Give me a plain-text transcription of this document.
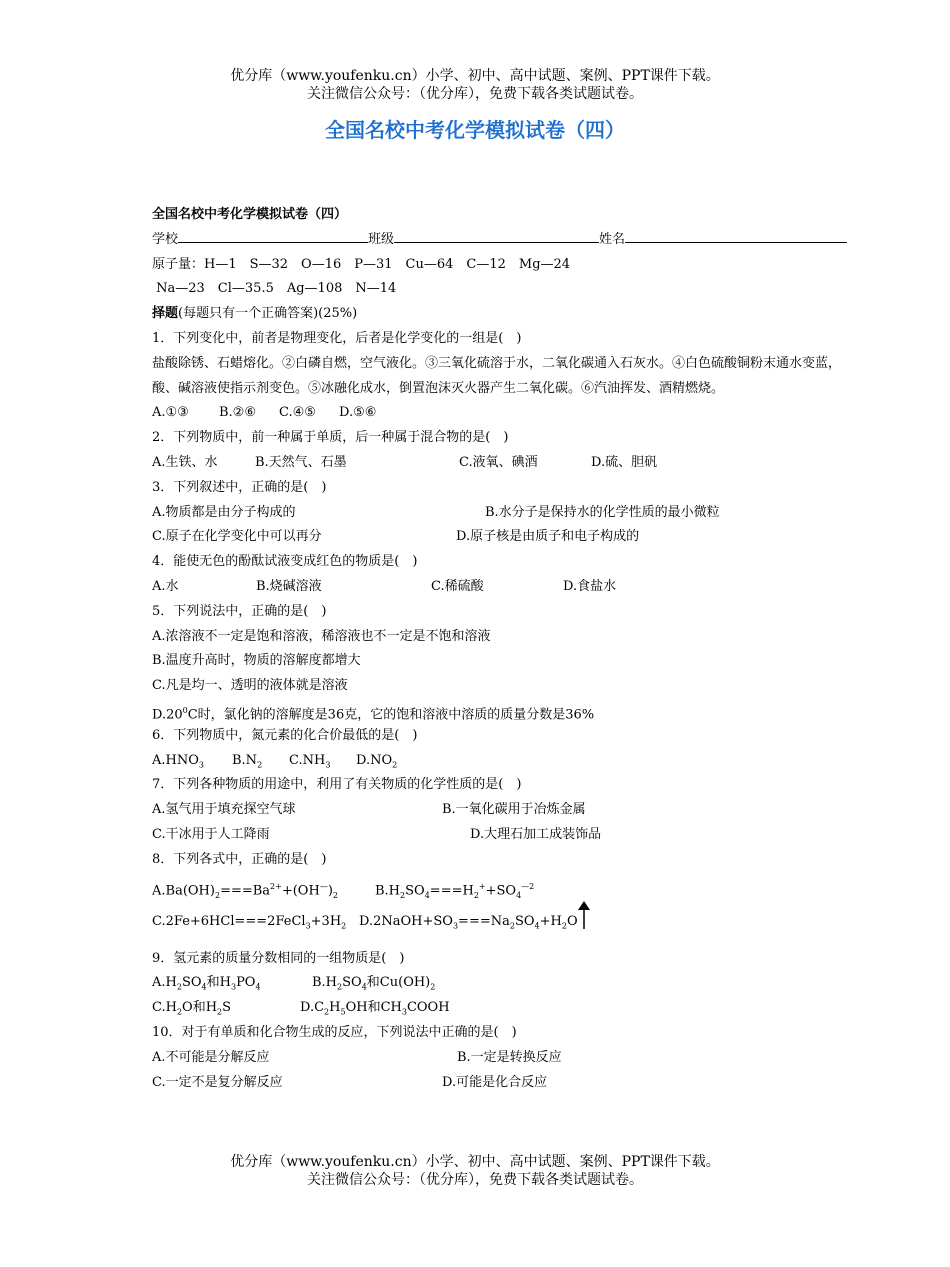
优分库（www.youfenku.cn）小学、初中、高中试题、案例、PPT课件下载。
关注微信公众号：（优分库），免费下载各类试题试卷。
全国名校中考化学模拟试卷（四）
全国名校中考化学模拟试卷（四）
学校	班级	姓名
原子量：H—1　S—32　O—16　P—31　Cu—64　C—12　Mg—24
Na—23　Cl—35.5　Ag—108　N—14
择题(每题只有一个正确答案)(25%)
1．下列变化中，前者是物理变化，后者是化学变化的一组是(　)
盐酸除锈、石蜡熔化。②白磷自燃，空气液化。③三氧化硫溶于水，二氧化碳通入石灰水。④白色硫酸铜粉末通水变蓝，酸、碱溶液使指示剂变色。⑤冰融化成水，倒置泡沫灭火器产生二氧化碳。⑥汽油挥发、酒精燃烧。
A.①③ B.②⑥ C.④⑤ D.⑤⑥
2．下列物质中，前一种属于单质，后一种属于混合物的是(　)
A.生铁、水	B.天然气、石墨	C.液氧、碘酒	D.硫、胆矾
3．下列叙述中，正确的是(　)
A.物质都是由分子构成的	B.水分子是保持水的化学性质的最小微粒
C.原子在化学变化中可以再分	D.原子核是由质子和电子构成的
4．能使无色的酚酞试液变成红色的物质是(　)
A.水	B.烧碱溶液	C.稀硫酸	D.食盐水
5．下列说法中，正确的是(　)
A.浓溶液不一定是饱和溶液，稀溶液也不一定是不饱和溶液
B.温度升高时，物质的溶解度都增大
C.凡是均一、透明的液体就是溶液
$D.20^0C$时，氯化钠的溶解度是36克，它的饱和溶液中溶质的质量分数是36%
6．下列物质中，氮元素的化合价最低的是(　)
$A.HNO_3$ $B.N_2$ $C.NH_3$ $D.NO_2$
7．下列各种物质的用途中，利用了有关物质的化学性质的是(　)
A.氢气用于填充探空气球	B.一氧化碳用于冶炼金属
C.干冰用于人工降雨	D.大理石加工成装饰品
8．下列各式中，正确的是(　)
$A.Ba(OH)_2===Ba^{2+}+(OH^—)_2$	$B.H_2SO_4===H_2^++SO_4^{—2}$
$C.2Fe+6HCl===2FeCl_3+3H_2$ $D.2NaOH+SO_3===Na_2SO_4+H_2O$
9．氢元素的质量分数相同的一组物质是(　)
$A.H_2SO_4$和$H_3PO_4$	$B.H_2SO_4$和$Cu(OH)_2$
$C.H_2O$和$H_2S$	$D.C_2H_5OH$和$CH_3COOH$
10．对于有单质和化合物生成的反应，下列说法中正确的是(　)
A.不可能是分解反应	B.一定是转换反应
C.一定不是复分解反应	D.可能是化合反应
优分库（www.youfenku.cn）小学、初中、高中试题、案例、PPT课件下载。
关注微信公众号：（优分库），免费下载各类试题试卷。
